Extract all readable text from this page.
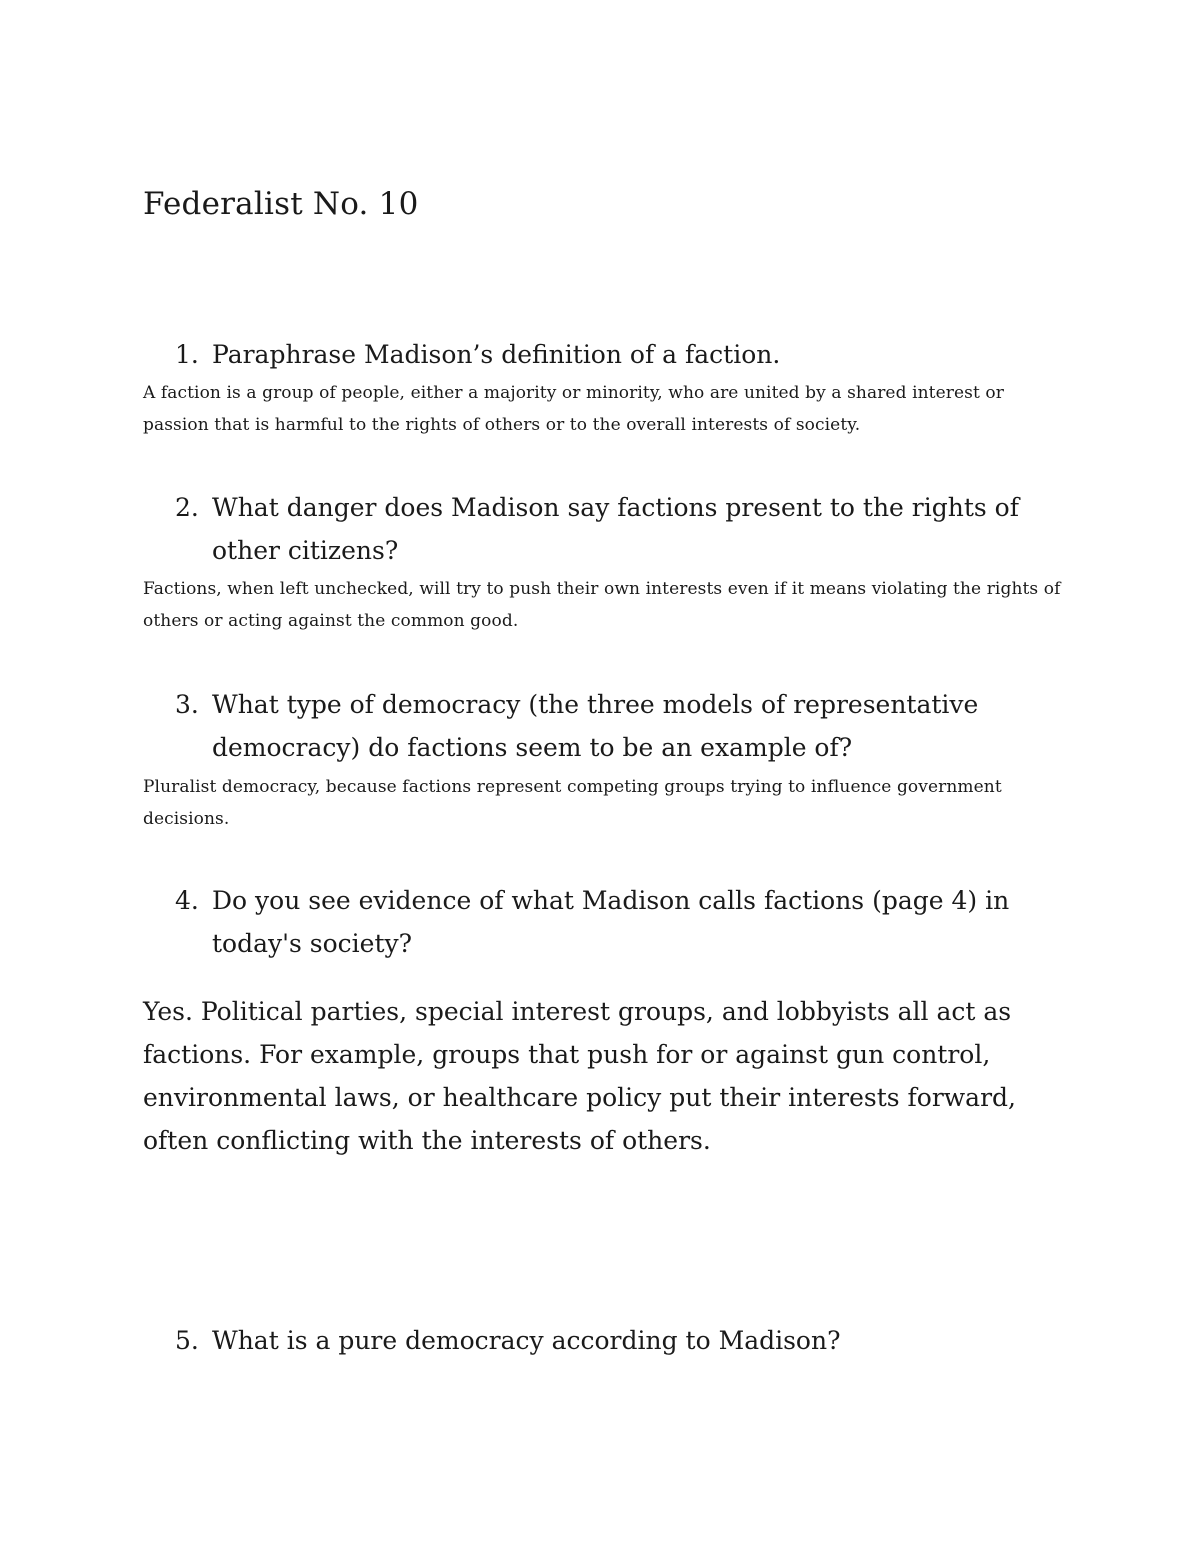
Federalist No. 10
1. Paraphrase Madison’s definition of a faction.

A faction is a group of people, either a majority or minority, who are united by a shared interest or passion that is harmful to the rights of others or to the overall interests of society.

2. What danger does Madison say factions present to the rights of other citizens?

Factions, when left unchecked, will try to push their own interests even if it means violating the rights of others or acting against the common good.

3. What type of democracy (the three models of representative democracy) do factions seem to be an example of?

Pluralist democracy, because factions represent competing groups trying to influence government decisions.

4. Do you see evidence of what Madison calls factions (page 4) in today's society?

Yes. Political parties, special interest groups, and lobbyists all act as factions. For example, groups that push for or against gun control, environmental laws, or healthcare policy put their interests forward, often conflicting with the interests of others.

5. What is a pure democracy according to Madison?
